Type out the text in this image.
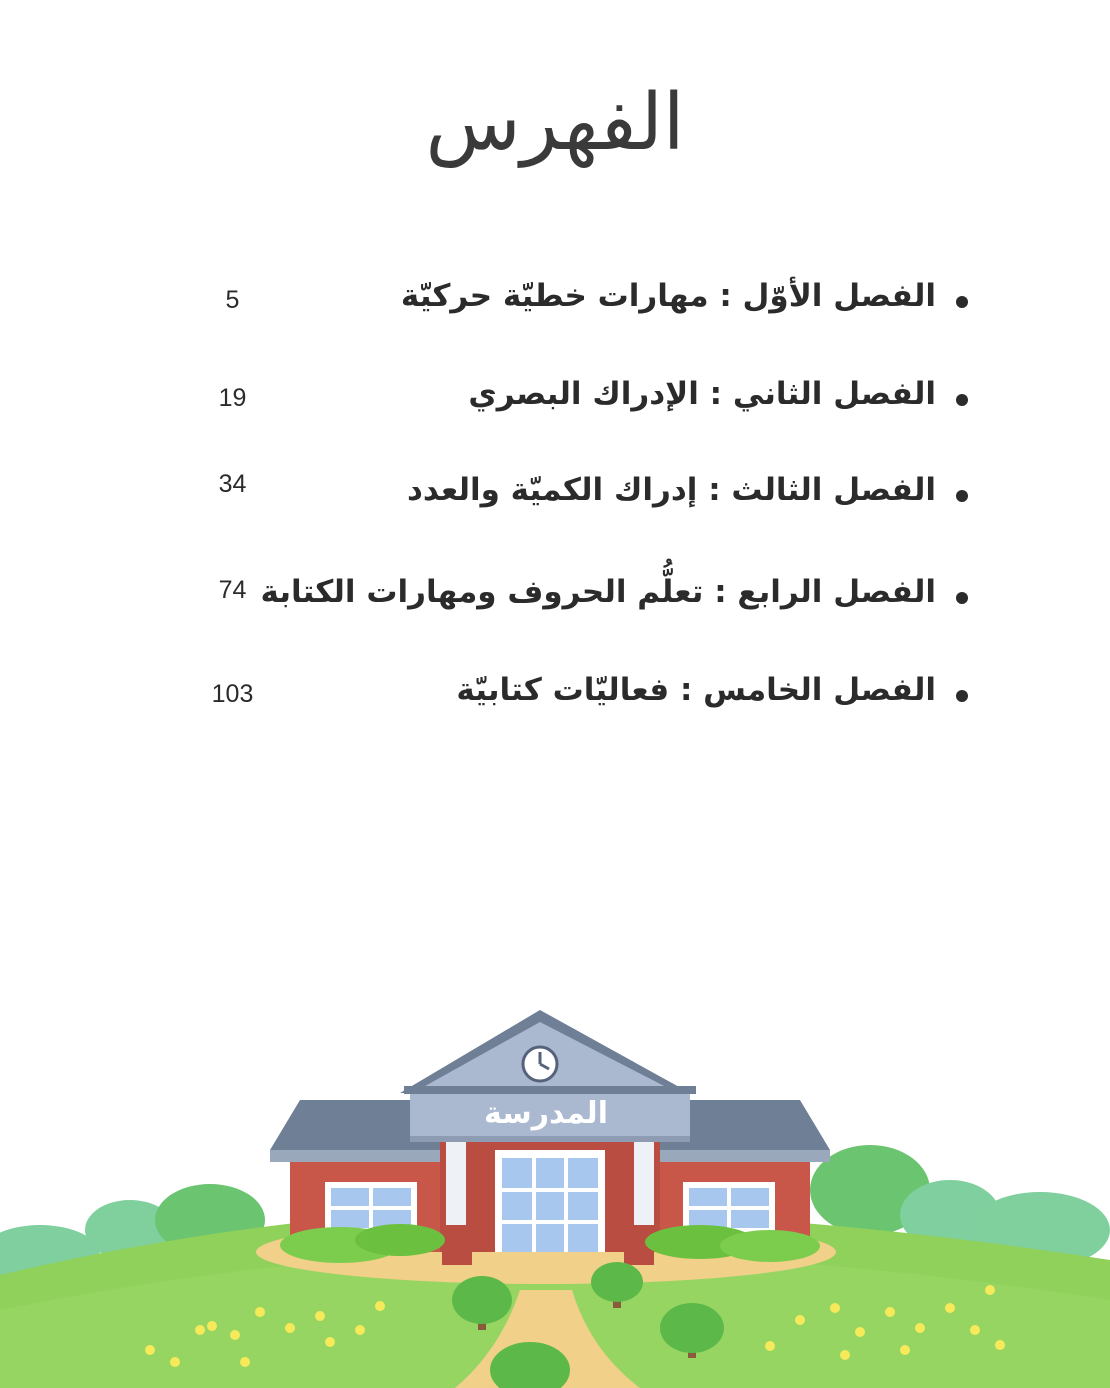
الفهرس
الفصل الأوّل : مهارات خطيّة حركيّة
5
الفصل الثاني : الإدراك البصري
19
الفصل الثالث : إدراك الكميّة والعدد
34
الفصل الرابع : تعلُّم الحروف ومهارات الكتابة
74
الفصل الخامس : فعاليّات كتابيّة
103
المدرسة
